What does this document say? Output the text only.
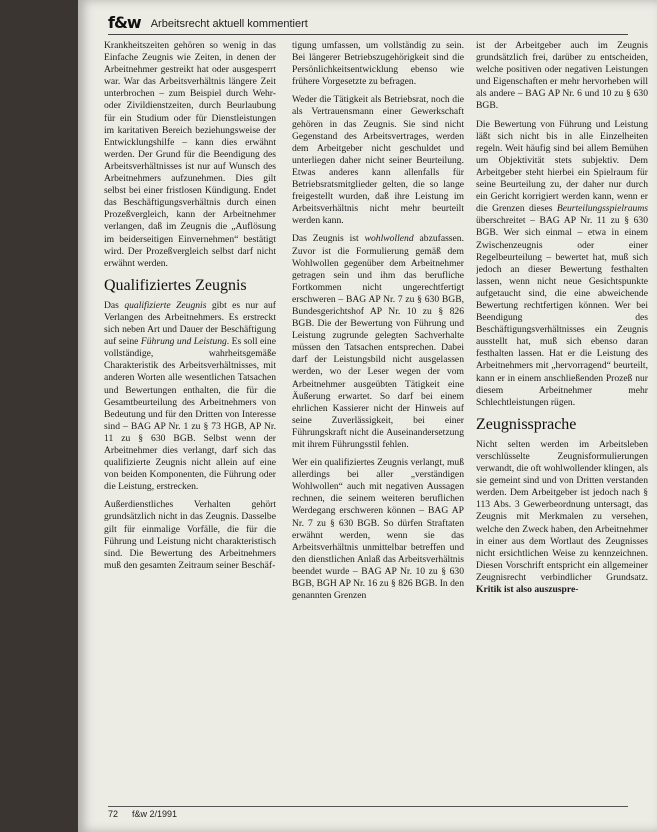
f&w Arbeitsrecht aktuell kommentiert

Krankheitszeiten gehören so wenig in das Einfache Zeugnis wie Zeiten, in denen der Arbeitnehmer gestreikt hat oder ausgesperrt war. War das Arbeitsverhältnis längere Zeit unterbrochen – zum Beispiel durch Wehr- oder Zivildienstzeiten, durch Beurlaubung für ein Studium oder für Dienstleistungen im karitativen Bereich beziehungsweise der Entwicklungshilfe – kann dies erwähnt werden. Der Grund für die Beendigung des Arbeitsverhältnisses ist nur auf Wunsch des Arbeitnehmers aufzunehmen. Dies gilt selbst bei einer fristlosen Kündigung. Endet das Beschäftigungsverhältnis durch einen Prozeßvergleich, kann der Arbeitnehmer verlangen, daß im Zeugnis die „Auflösung im beiderseitigen Einvernehmen“ bestätigt wird. Der Prozeßvergleich selbst darf nicht erwähnt werden.

Qualifiziertes Zeugnis

Das qualifizierte Zeugnis gibt es nur auf Verlangen des Arbeitnehmers. Es erstreckt sich neben Art und Dauer der Beschäftigung auf seine Führung und Leistung. Es soll eine vollständige, wahrheitsgemäße Charakteristik des Arbeitsverhältnisses, mit anderen Worten alle wesentlichen Tatsachen und Bewertungen enthalten, die für die Gesamtbeurteilung des Arbeitnehmers von Bedeutung und für den Dritten von Interesse sind – BAG AP Nr. 1 zu § 73 HGB, AP Nr. 11 zu § 630 BGB. Selbst wenn der Arbeitnehmer dies verlangt, darf sich das qualifizierte Zeugnis nicht allein auf eine von beiden Komponenten, die Führung oder die Leistung, erstrecken.

Außerdienstliches Verhalten gehört grundsätzlich nicht in das Zeugnis. Dasselbe gilt für einmalige Vorfälle, die für die Führung und Leistung nicht charakteristisch sind. Die Bewertung des Arbeitnehmers muß den gesamten Zeitraum seiner Beschäf-

tigung umfassen, um vollständig zu sein. Bei längerer Betriebszugehörigkeit sind die Persönlichkeitsentwicklung ebenso wie frühere Vorgesetzte zu befragen.

Weder die Tätigkeit als Betriebsrat, noch die als Vertrauensmann einer Gewerkschaft gehören in das Zeugnis. Sie sind nicht Gegenstand des Arbeitsvertrages, werden dem Arbeitgeber nicht geschuldet und unterliegen daher nicht seiner Beurteilung. Etwas anderes kann allenfalls für Betriebsratsmitglieder gelten, die so lange freigestellt wurden, daß ihre Leistung im Arbeitsverhältnis nicht mehr beurteilt werden kann.

Das Zeugnis ist wohlwollend abzufassen. Zuvor ist die Formulierung gemäß dem Wohlwollen gegenüber dem Arbeitnehmer getragen sein und ihm das berufliche Fortkommen nicht ungerechtfertigt erschweren – BAG AP Nr. 7 zu § 630 BGB, Bundesgerichtshof AP Nr. 10 zu § 826 BGB. Die der Bewertung von Führung und Leistung zugrunde gelegten Sachverhalte müssen den Tatsachen entsprechen. Dabei darf der Leistungsbild nicht ausgelassen werden, wo der Leser wegen der vom Arbeitnehmer ausgeübten Tätigkeit eine Äußerung erwartet. So darf bei einem ehrlichen Kassierer nicht der Hinweis auf seine Zuverlässigkeit, bei einer Führungskraft nicht die Auseinandersetzung mit ihrem Führungsstil fehlen.

Wer ein qualifiziertes Zeugnis verlangt, muß allerdings bei aller „verständigen Wohlwollen“ auch mit negativen Aussagen rechnen, die seinem weiteren beruflichen Werdegang erschweren können – BAG AP Nr. 7 zu § 630 BGB. So dürfen Straftaten erwähnt werden, wenn sie das Arbeitsverhältnis unmittelbar betreffen und den dienstlichen Anlaß das Arbeitsverhältnis beendet wurde – BAG AP Nr. 10 zu § 630 BGB, BGH AP Nr. 16 zu § 826 BGB. In den genannten Grenzen

ist der Arbeitgeber auch im Zeugnis grundsätzlich frei, darüber zu entscheiden, welche positiven oder negativen Leistungen und Eigenschaften er mehr hervorheben will als andere – BAG AP Nr. 6 und 10 zu § 630 BGB.

Die Bewertung von Führung und Leistung läßt sich nicht bis in alle Einzelheiten regeln. Weit häufig sind bei allem Bemühen um Objektivität stets subjektiv. Dem Arbeitgeber steht hierbei ein Spielraum für seine Beurteilung zu, der daher nur durch ein Gericht korrigiert werden kann, wenn er die Grenzen dieses Beurteilungsspielraums überschreitet – BAG AP Nr. 11 zu § 630 BGB. Wer sich einmal – etwa in einem Zwischenzeugnis oder einer Regelbeurteilung – bewertet hat, muß sich jedoch an dieser Bewertung festhalten lassen, wenn nicht neue Gesichtspunkte aufgetaucht sind, die eine abweichende Bewertung rechtfertigen können. Wer bei Beendigung des Beschäftigungsverhältnisses ein Zeugnis ausstellt hat, muß sich ebenso daran festhalten lassen. Hat er die Leistung des Arbeitnehmers mit „hervorragend“ beurteilt, kann er in einem anschließenden Prozeß nur diesem Arbeitnehmer mehr Schlechtleistungen rügen.

Zeugnissprache

Nicht selten werden im Arbeitsleben verschlüsselte Zeugnisformulierungen verwandt, die oft wohlwollender klingen, als sie gemeint sind und von Dritten verstanden werden. Dem Arbeitgeber ist jedoch nach § 113 Abs. 3 Gewerbeordnung untersagt, das Zeugnis mit Merkmalen zu versehen, welche den Zweck haben, den Arbeitnehmer in einer aus dem Wortlaut des Zeugnisses nicht ersichtlichen Weise zu kennzeichnen. Diesen Vorschrift entspricht ein allgemeiner Zeugnisrecht verbindlicher Grundsatz. Kritik ist also auszuspre-

72 f&w 2/1991
